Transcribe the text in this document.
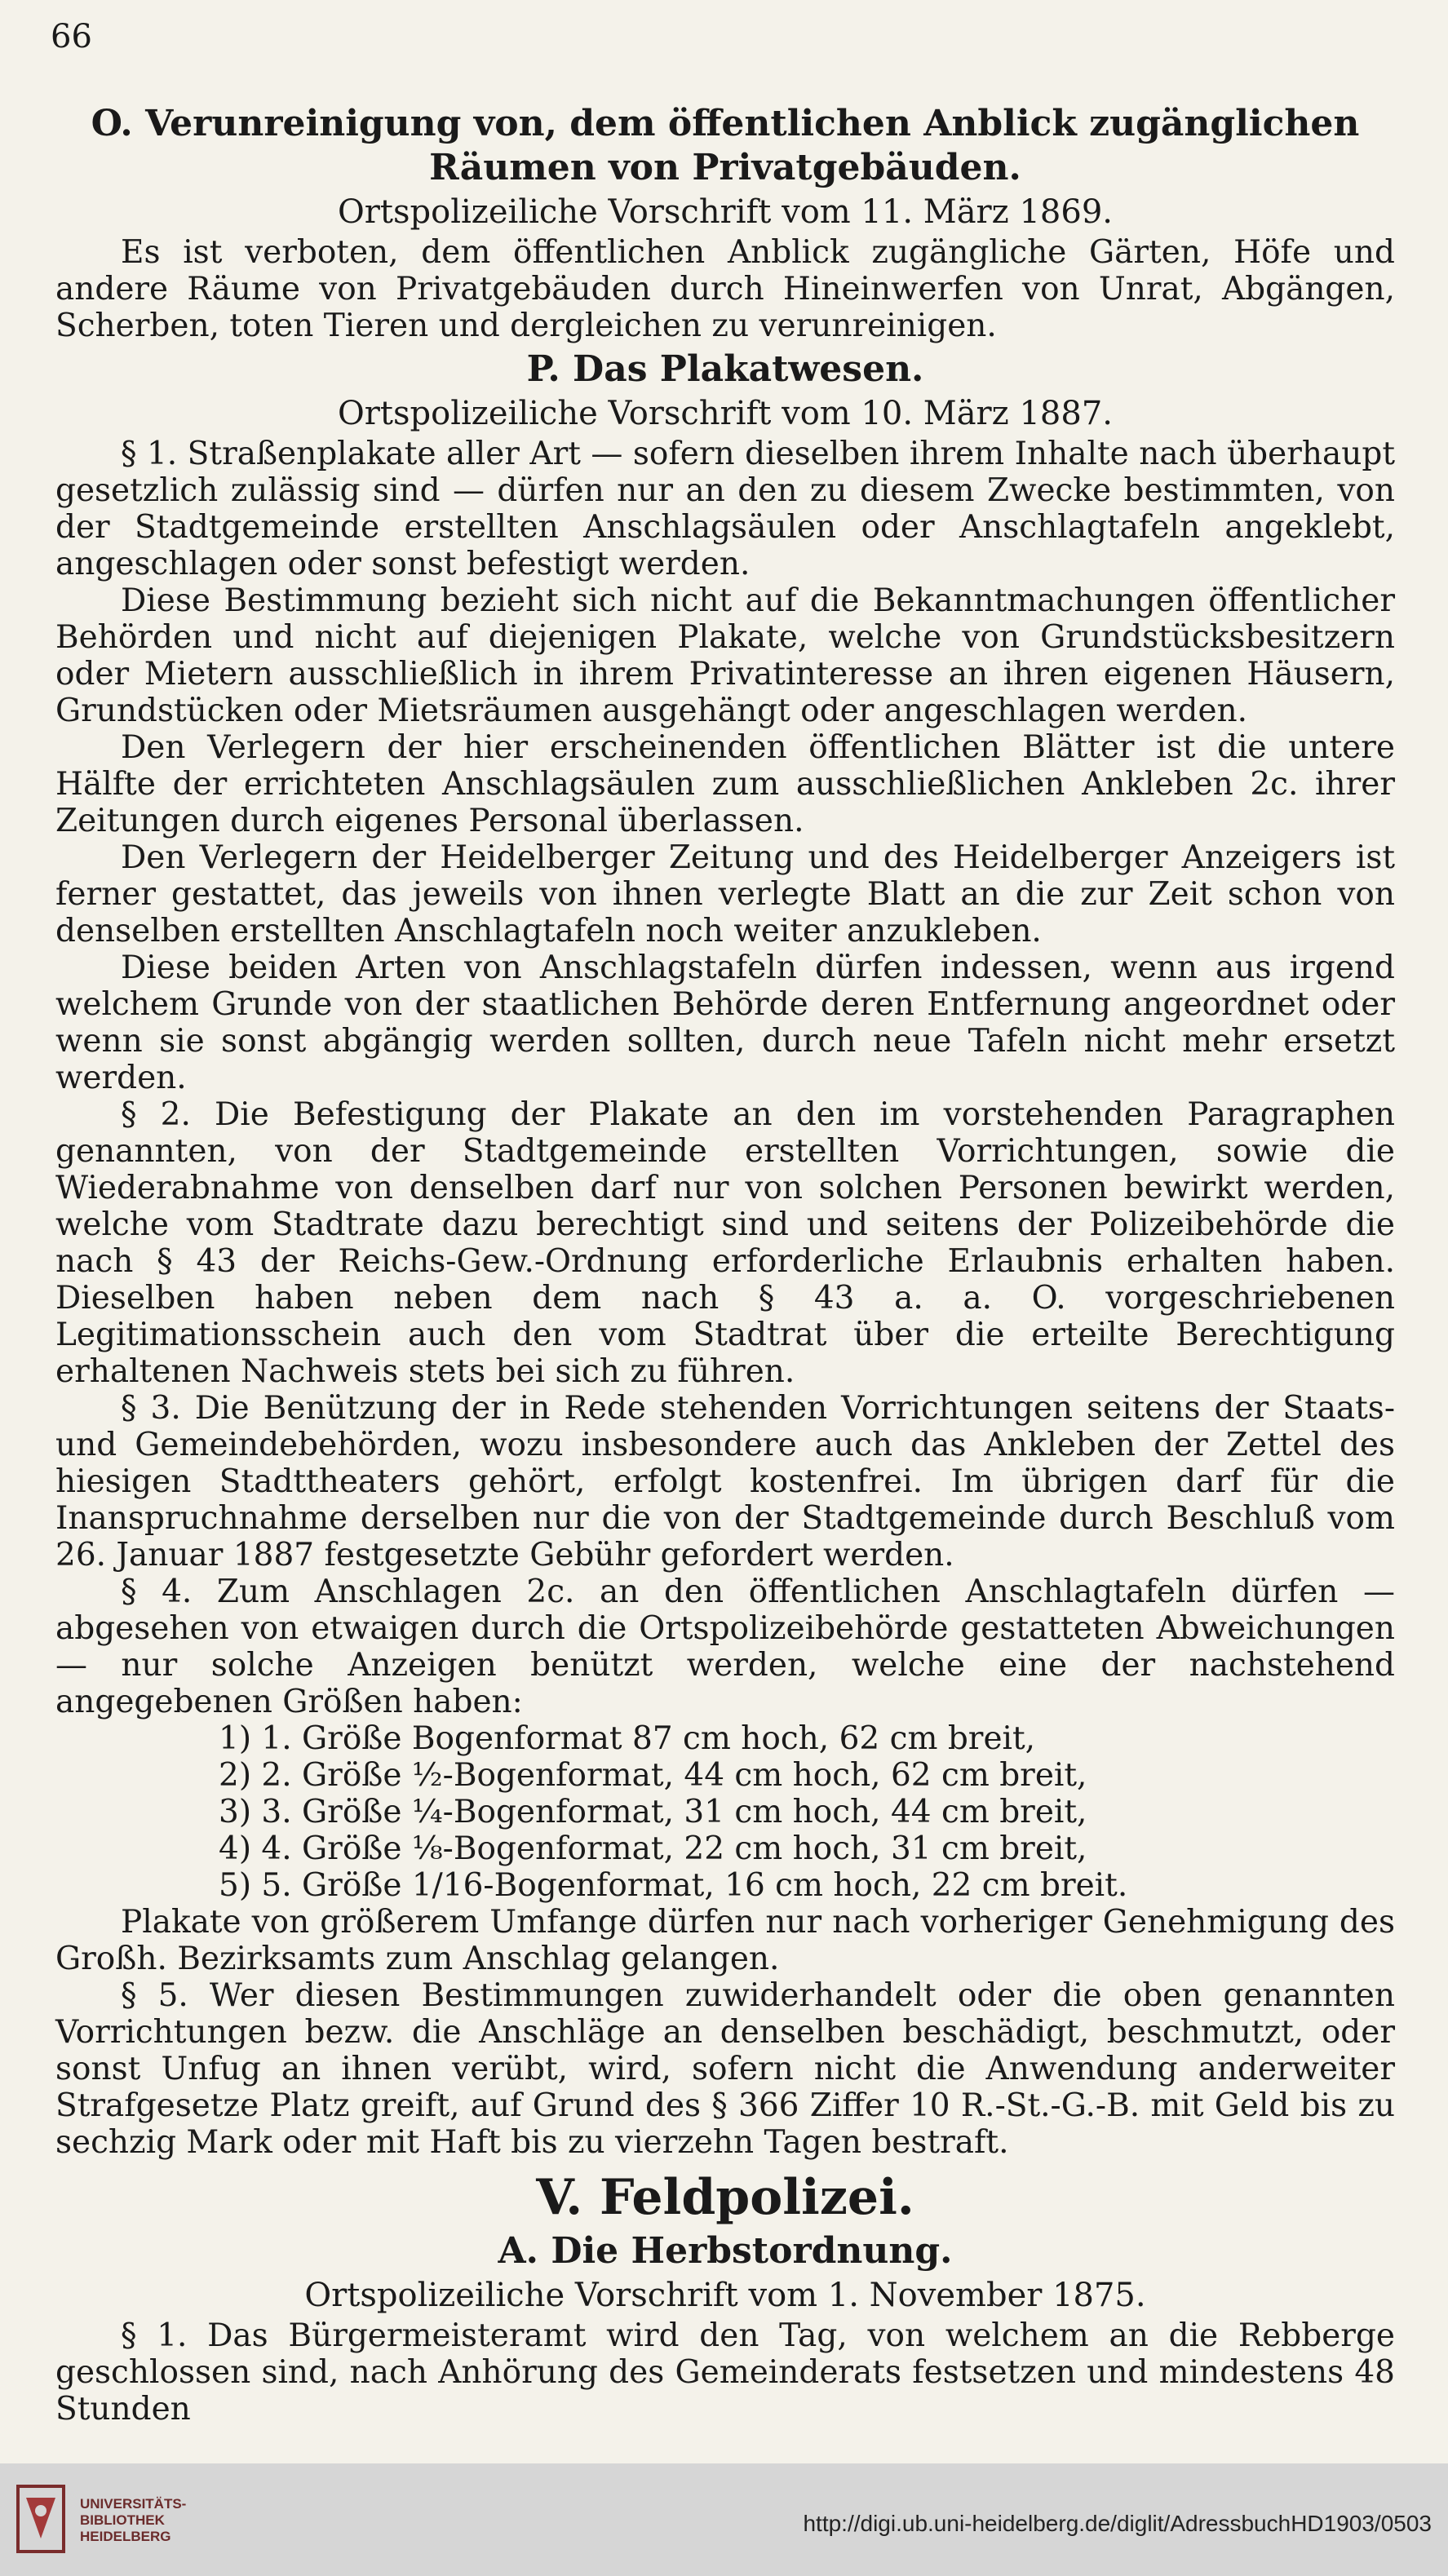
66
O. Verunreinigung von, dem öffentlichen Anblick zugänglichen
Räumen von Privatgebäuden.
Ortspolizeiliche Vorschrift vom 11. März 1869.

Es ist verboten, dem öffentlichen Anblick zugängliche Gärten, Höfe und andere Räume von Privatgebäuden durch Hineinwerfen von Unrat, Abgängen, Scherben, toten Tieren und dergleichen zu verunreinigen.

P. Das Plakatwesen.
Ortspolizeiliche Vorschrift vom 10. März 1887.

§ 1. Straßenplakate aller Art — sofern dieselben ihrem Inhalte nach überhaupt gesetzlich zulässig sind — dürfen nur an den zu diesem Zwecke bestimmten, von der Stadtgemeinde erstellten Anschlagsäulen oder Anschlagtafeln angeklebt, angeschlagen oder sonst befestigt werden.

Diese Bestimmung bezieht sich nicht auf die Bekanntmachungen öffentlicher Behörden und nicht auf diejenigen Plakate, welche von Grundstücksbesitzern oder Mietern ausschließlich in ihrem Privatinteresse an ihren eigenen Häusern, Grundstücken oder Mietsräumen ausgehängt oder angeschlagen werden.

Den Verlegern der hier erscheinenden öffentlichen Blätter ist die untere Hälfte der errichteten Anschlagsäulen zum ausschließlichen Ankleben 2c. ihrer Zeitungen durch eigenes Personal überlassen.

Den Verlegern der Heidelberger Zeitung und des Heidelberger Anzeigers ist ferner gestattet, das jeweils von ihnen verlegte Blatt an die zur Zeit schon von denselben erstellten Anschlagtafeln noch weiter anzukleben.

Diese beiden Arten von Anschlagstafeln dürfen indessen, wenn aus irgend welchem Grunde von der staatlichen Behörde deren Entfernung angeordnet oder wenn sie sonst abgängig werden sollten, durch neue Tafeln nicht mehr ersetzt werden.

§ 2. Die Befestigung der Plakate an den im vorstehenden Paragraphen genannten, von der Stadtgemeinde erstellten Vorrichtungen, sowie die Wiederabnahme von denselben darf nur von solchen Personen bewirkt werden, welche vom Stadtrate dazu berechtigt sind und seitens der Polizeibehörde die nach § 43 der Reichs-Gew.-Ordnung erforderliche Erlaubnis erhalten haben. Dieselben haben neben dem nach § 43 a. a. O. vorgeschriebenen Legitimationsschein auch den vom Stadtrat über die erteilte Berechtigung erhaltenen Nachweis stets bei sich zu führen.

§ 3. Die Benützung der in Rede stehenden Vorrichtungen seitens der Staats- und Gemeindebehörden, wozu insbesondere auch das Ankleben der Zettel des hiesigen Stadttheaters gehört, erfolgt kostenfrei. Im übrigen darf für die Inanspruchnahme derselben nur die von der Stadtgemeinde durch Beschluß vom 26. Januar 1887 festgesetzte Gebühr gefordert werden.

§ 4. Zum Anschlagen 2c. an den öffentlichen Anschlagtafeln dürfen — abgesehen von etwaigen durch die Ortspolizeibehörde gestatteten Abweichungen — nur solche Anzeigen benützt werden, welche eine der nachstehend angegebenen Größen haben:

1) 1. Größe Bogenformat 87 cm hoch, 62 cm breit,
2) 2. Größe ½-Bogenformat, 44 cm hoch, 62 cm breit,
3) 3. Größe ¼-Bogenformat, 31 cm hoch, 44 cm breit,
4) 4. Größe ⅛-Bogenformat, 22 cm hoch, 31 cm breit,
5) 5. Größe 1/16-Bogenformat, 16 cm hoch, 22 cm breit.

Plakate von größerem Umfange dürfen nur nach vorheriger Genehmigung des Großh. Bezirksamts zum Anschlag gelangen.

§ 5. Wer diesen Bestimmungen zuwiderhandelt oder die oben genannten Vorrichtungen bezw. die Anschläge an denselben beschädigt, beschmutzt, oder sonst Unfug an ihnen verübt, wird, sofern nicht die Anwendung anderweiter Strafgesetze Platz greift, auf Grund des § 366 Ziffer 10 R.-St.-G.-B. mit Geld bis zu sechzig Mark oder mit Haft bis zu vierzehn Tagen bestraft.

V. Feldpolizei.
A. Die Herbstordnung.
Ortspolizeiliche Vorschrift vom 1. November 1875.

§ 1. Das Bürgermeisteramt wird den Tag, von welchem an die Rebberge geschlossen sind, nach Anhörung des Gemeinderats festsetzen und mindestens 48 Stunden

UNIVERSITÄTS-
BIBLIOTHEK
HEIDELBERG
http://digi.ub.uni-heidelberg.de/diglit/AdressbuchHD1903/0503
